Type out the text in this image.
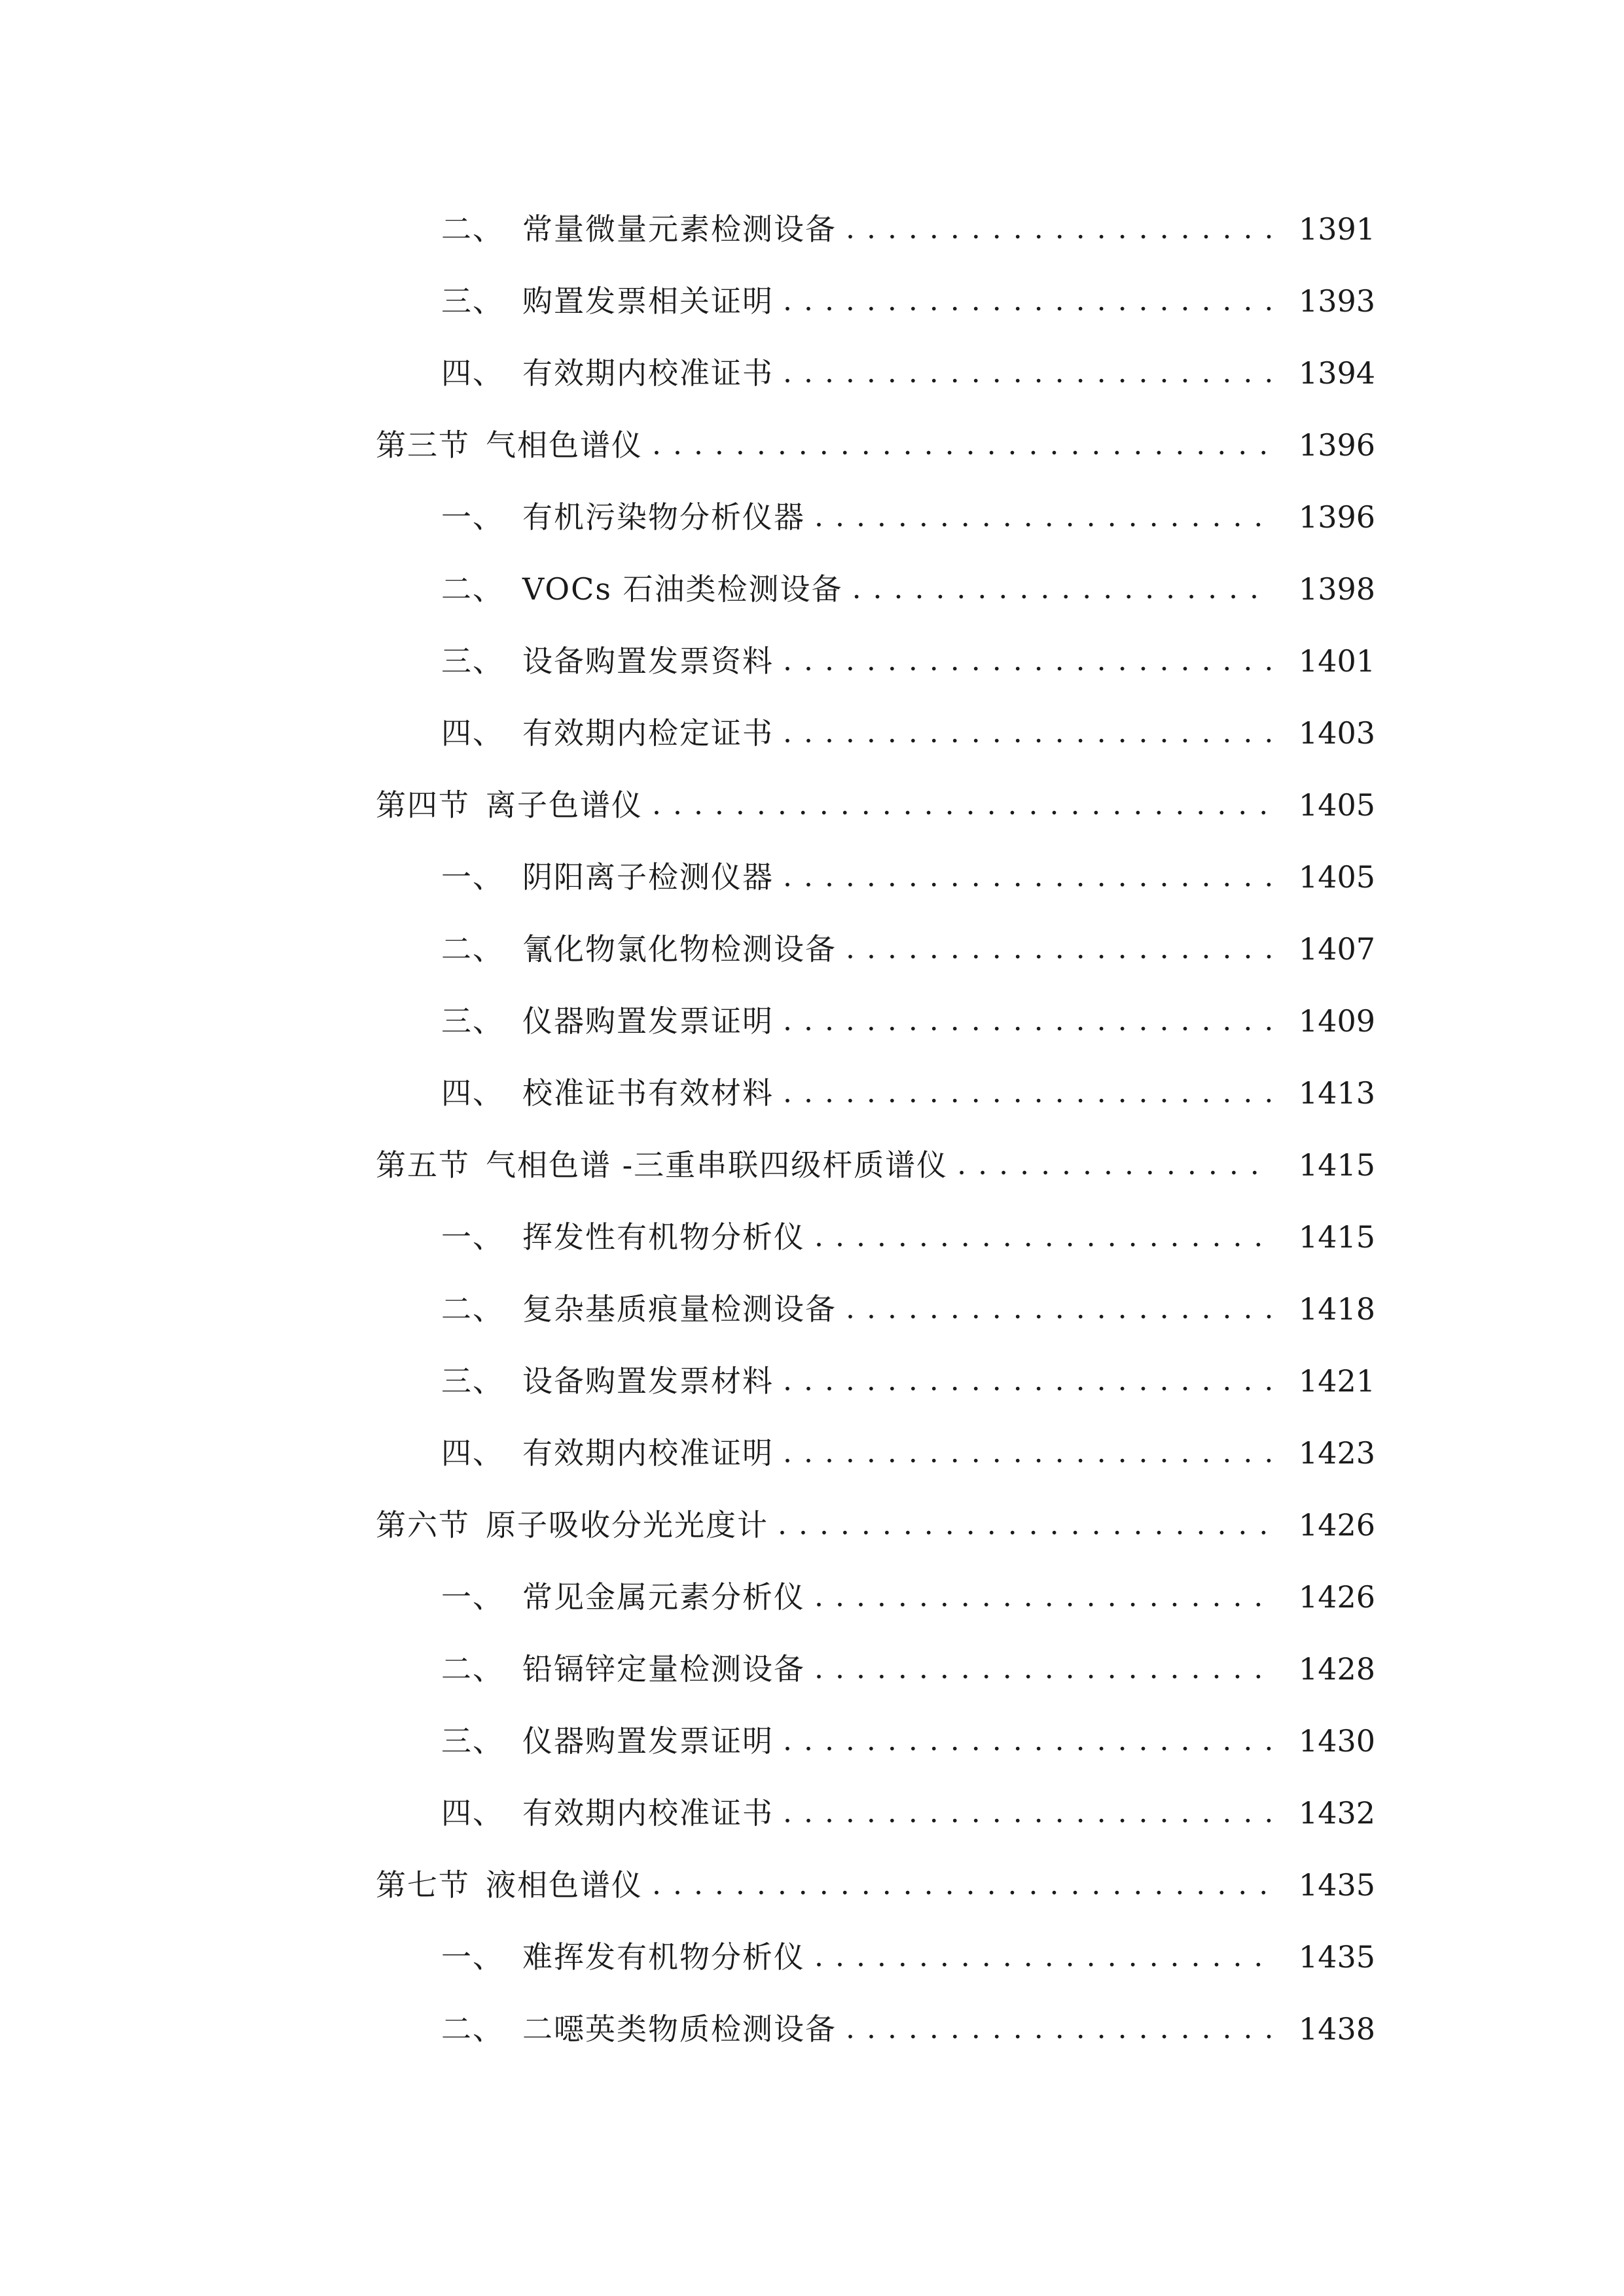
二、 常量微量元素检测设备 . . .	1391
三、 购置发票相关证明 . . .	1393
四、 有效期内校准证书 . . .	1394
第三节 气相色谱仪 . . .	1396
一、 有机污染物分析仪器 . . .	1396
二、 VOCs 石油类检测设备 . . .	1398
三、 设备购置发票资料 . . .	1401
四、 有效期内检定证书 . . .	1403
第四节 离子色谱仪 . . .	1405
一、 阴阳离子检测仪器 . . .	1405
二、 氰化物氯化物检测设备 . . .	1407
三、 仪器购置发票证明 . . .	1409
四、 校准证书有效材料 . . .	1413
第五节 气相色谱 -三重串联四级杆质谱仪 . . .	1415
一、 挥发性有机物分析仪 . . .	1415
二、 复杂基质痕量检测设备 . . .	1418
三、 设备购置发票材料 . . .	1421
四、 有效期内校准证明 . . .	1423
第六节 原子吸收分光光度计 . . .	1426
一、 常见金属元素分析仪 . . .	1426
二、 铅镉锌定量检测设备 . . .	1428
三、 仪器购置发票证明 . . .	1430
四、 有效期内校准证书 . . .	1432
第七节 液相色谱仪 . . .	1435
一、 难挥发有机物分析仪 . . .	1435
二、 二噁英类物质检测设备 . . .	1438
